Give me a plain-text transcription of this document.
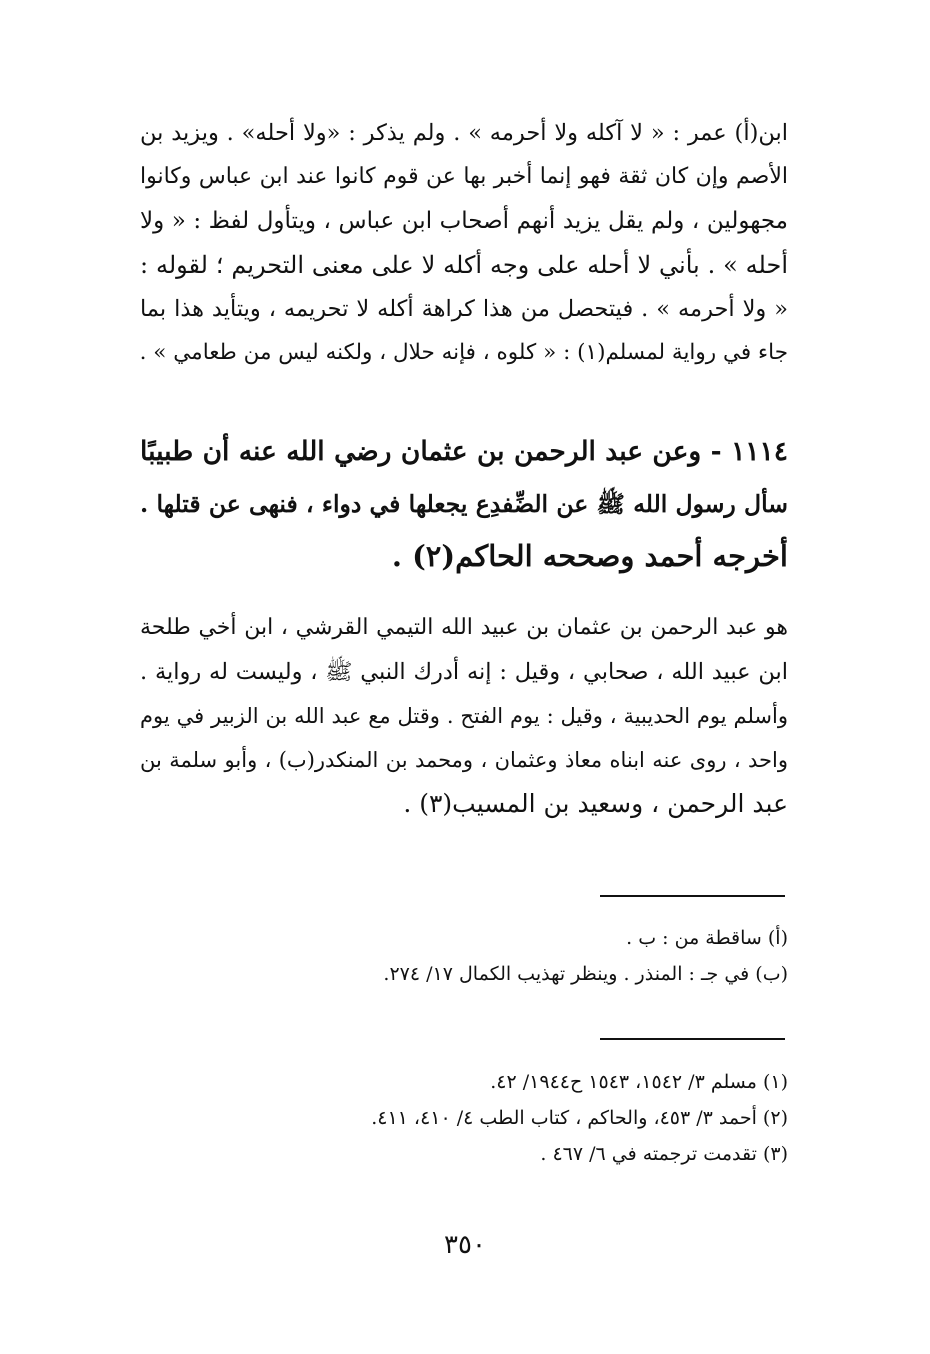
ابن(أ) عمر : « لا آكله ولا أحرمه » . ولم يذكر : «ولا أحله» . ويزيد بن
الأصم وإن كان ثقة فهو إنما أخبر بها عن قوم كانوا عند ابن عباس وكانوا
مجهولين ، ولم يقل يزيد أنهم أصحاب ابن عباس ، ويتأول لفظ : « ولا
أحله » . بأني لا أحله على وجه أكله لا على معنى التحريم ؛ لقوله :
« ولا أحرمه » . فيتحصل من هذا كراهة أكله لا تحريمه ، ويتأيد هذا بما
جاء في رواية لمسلم(١) : « كلوه ، فإنه حلال ، ولكنه ليس من طعامي » .
١١١٤ - وعن عبد الرحمن بن عثمان رضي الله عنه أن طبيبًا
سأل رسول الله ﷺ عن الضِّفدِع يجعلها في دواء ، فنهى عن قتلها .
أخرجه أحمد وصححه الحاكم(٢) .
هو عبد الرحمن بن عثمان بن عبيد الله التيمي القرشي ، ابن أخي طلحة
ابن عبيد الله ، صحابي ، وقيل : إنه أدرك النبي ﷺ ، وليست له رواية .
وأسلم يوم الحديبية ، وقيل : يوم الفتح . وقتل مع عبد الله بن الزبير في يوم
واحد ، روى عنه ابناه معاذ وعثمان ، ومحمد بن المنكدر(ب) ، وأبو سلمة بن
عبد الرحمن ، وسعيد بن المسيب(٣) .
(أ) ساقطة من : ب .
(ب) في جـ : المنذر . وينظر تهذيب الكمال ١٧/ ٢٧٤.
(١) مسلم ٣/ ١٥٤٢، ١٥٤٣ ح١٩٤٤/ ٤٢.
(٢) أحمد ٣/ ٤٥٣، والحاكم ، كتاب الطب ٤/ ٤١٠، ٤١١.
(٣) تقدمت ترجمته في ٦/ ٤٦٧ .
٣٥٠
